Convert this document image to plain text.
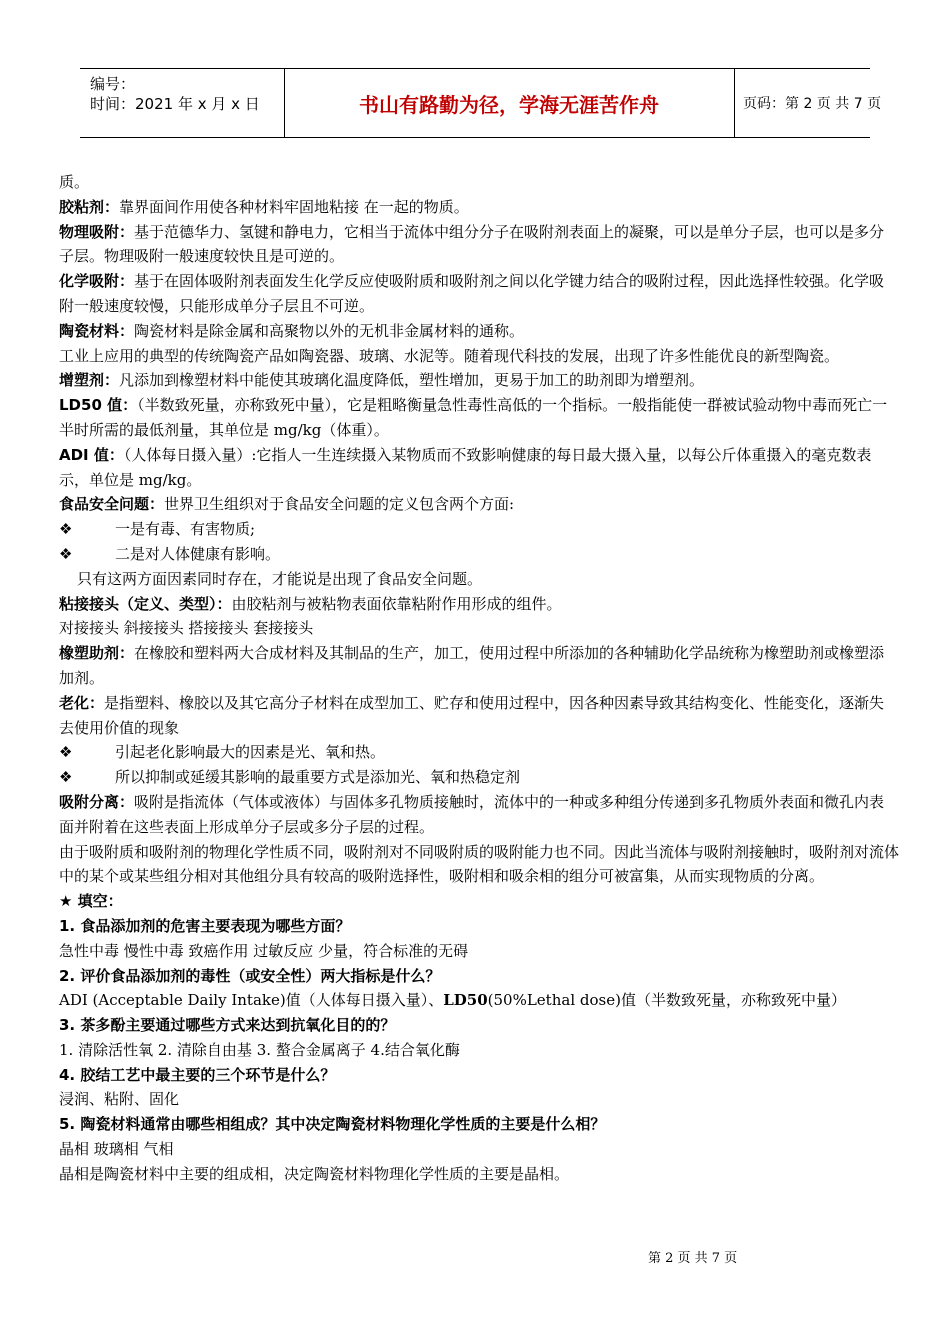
编号：
时间：2021 年 x 月 x 日	书山有路勤为径，学海无涯苦作舟	页码：第 2 页 共 7 页

质。

胶粘剂：靠界面间作用使各种材料牢固地粘接 在一起的物质。

物理吸附：基于范德华力、氢键和静电力，它相当于流体中组分分子在吸附剂表面上的凝聚，可以是单分子层，也可以是多分子层。物理吸附一般速度较快且是可逆的。

化学吸附：基于在固体吸附剂表面发生化学反应使吸附质和吸附剂之间以化学键力结合的吸附过程，因此选择性较强。化学吸附一般速度较慢，只能形成单分子层且不可逆。

陶瓷材料：陶瓷材料是除金属和高聚物以外的无机非金属材料的通称。

工业上应用的典型的传统陶瓷产品如陶瓷器、玻璃、水泥等。随着现代科技的发展，出现了许多性能优良的新型陶瓷。

增塑剂：凡添加到橡塑材料中能使其玻璃化温度降低，塑性增加，更易于加工的助剂即为增塑剂。

LD50 值：（半数致死量，亦称致死中量），它是粗略衡量急性毒性高低的一个指标。一般指能使一群被试验动物中毒而死亡一半时所需的最低剂量，其单位是 mg/kg（体重）。

ADI 值：（人体每日摄入量）:它指人一生连续摄入某物质而不致影响健康的每日最大摄入量，以每公斤体重摄入的毫克数表示，单位是 mg/kg。

食品安全问题：世界卫生组织对于食品安全问题的定义包含两个方面:

❖	一是有毒、有害物质;

❖	二是对人体健康有影响。

只有这两方面因素同时存在，才能说是出现了食品安全问题。

粘接接头（定义、类型）：由胶粘剂与被粘物表面依靠粘附作用形成的组件。

对接接头 斜接接头 搭接接头 套接接头

橡塑助剂：在橡胶和塑料两大合成材料及其制品的生产，加工，使用过程中所添加的各种辅助化学品统称为橡塑助剂或橡塑添加剂。

老化：是指塑料、橡胶以及其它高分子材料在成型加工、贮存和使用过程中，因各种因素导致其结构变化、性能变化，逐渐失去使用价值的现象

❖	引起老化影响最大的因素是光、氧和热。

❖	所以抑制或延缓其影响的最重要方式是添加光、氧和热稳定剂

吸附分离：吸附是指流体（气体或液体）与固体多孔物质接触时，流体中的一种或多种组分传递到多孔物质外表面和微孔内表面并附着在这些表面上形成单分子层或多分子层的过程。

由于吸附质和吸附剂的物理化学性质不同，吸附剂对不同吸附质的吸附能力也不同。因此当流体与吸附剂接触时，吸附剂对流体中的某个或某些组分相对其他组分具有较高的吸附选择性，吸附相和吸余相的组分可被富集，从而实现物质的分离。

★ 填空：

1. 食品添加剂的危害主要表现为哪些方面？

急性中毒 慢性中毒 致癌作用 过敏反应 少量，符合标准的无碍

2. 评价食品添加剂的毒性（或安全性）两大指标是什么？

ADI (Acceptable Daily Intake)值（人体每日摄入量）、LD50(50%Lethal dose)值（半数致死量，亦称致死中量）

3. 茶多酚主要通过哪些方式来达到抗氧化目的的？

1. 清除活性氧 2. 清除自由基 3. 螯合金属离子 4.结合氧化酶

4. 胶结工艺中最主要的三个环节是什么？

浸润、粘附、固化

5. 陶瓷材料通常由哪些相组成？其中决定陶瓷材料物理化学性质的主要是什么相？

晶相 玻璃相 气相

晶相是陶瓷材料中主要的组成相，决定陶瓷材料物理化学性质的主要是晶相。

第 2 页 共 7 页
